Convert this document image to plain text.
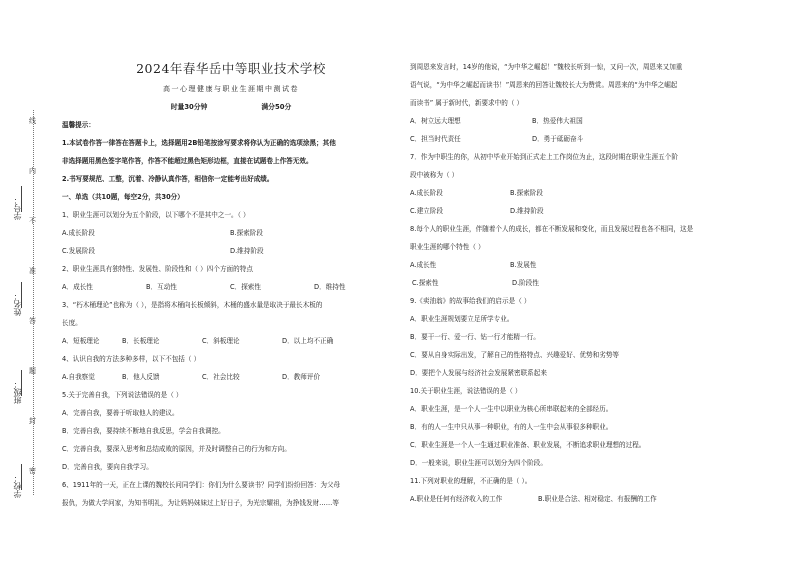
线
内
不
准
答
题
封
密
学号：
姓名：
班级：
学校：
2024年春华岳中等职业技术学校
高一心理健康与职业生涯期中测试卷
时量30分钟	满分50分
温馨提示：
1.本试卷作答一律答在答题卡上，选择题用2B铅笔按涂写要求将你认为正确的选项涂黑；其他
非选择题用黑色签字笔作答，作答不能超过黑色矩形边框，直接在试题卷上作答无效。
2.书写要规范、工整，沉着、冷静认真作答，相信你一定能考出好成绩。
一、单选（共10题，每空2分，共30分）
1、职业生涯可以划分为五个阶段，以下哪个不是其中之一。（ ）
A.成长阶段	B.探索阶段
C.发展阶段	D.维持阶段
2、职业生涯具有独特性、发展性、阶段性和（ ）四个方面的特点
A．成长性	B．互动性	C．探索性	D．维持性
3、“朽木桶理论”也称为（ ），是指将木桶向长板倾斜，木桶的盛水量是取决于最长木板的
长度。
A．短板理论	B．长板理论	C．斜板理论	D．以上均不正确
4、认识自我的方法多种多样，以下不包括（ ）
A.自我察觉	B．他人反馈	C．社会比较	D．教师评价
5.关于完善自我，下列说法错误的是（ ）
A．完善自我，要善于听取他人的建议。
B．完善自我，要持续不断地自我反思，学会自我调控。
C．完善自我，要深入思考和总结成败的原因，并及时调整自己的行为和方向。
D．完善自我，要向自我学习。
6、1911年的一天，正在上课的魏校长问同学们：你们为什么要读书？同学们纷纷回答：为父母
报仇，为做大学问家，为知书明礼，为让妈妈妹妹过上好日子，为光宗耀祖，为挣钱发财……等
到周恩来发言时，14岁的他说，“为中华之崛起！”魏校长听到一惊，又问一次，周恩来又加重
语气说，“为中华之崛起而读书！”周恩来的回答让魏校长大为赞赏。周恩来的“为中华之崛起
而读书” 属于新时代，新要求中的（ ）
A．树立远大理想	B．热爱伟大祖国
C．担当时代责任	D．勇于砥砺奋斗
7．作为中职生的你，从初中毕业开始到正式走上工作岗位为止，这段时期在职业生涯五个阶
段中被称为（ ）
A.成长阶段	B.探索阶段
C.建立阶段	D.维持阶段
8.每个人的职业生涯，伴随着个人的成长，都在不断发展和变化，而且发展过程也各不相同，这是
职业生涯的哪个特性（ ）
A.成长性	B.发展性
C.探索性	D.阶段性
9.《卖油翁》的故事给我们的启示是（ ）
A．职业生涯规划要立足所学专业。
B．要干一行、爱一行、钻一行才能精一行。
C．要从自身实际出发，了解自己的性格特点、兴趣爱好、优势和劣势等
D．要把个人发展与经济社会发展紧密联系起来
10.关于职业生涯，说法错误的是（ ）
A．职业生涯，是一个人一生中以职业为核心所串联起来的全部经历。
B．有的人一生中只从事一种职业，有的人一生中会从事很多种职业。
C．职业生涯是一个人一生通过职业准备、职业发展，不断追求职业理想的过程。
D．一般来说，职业生涯可以划分为四个阶段。
11.下列对职业的理解，不正确的是（ ）。
A.职业是任何有经济收入的工作	B.职业是合法、相对稳定、有报酬的工作
